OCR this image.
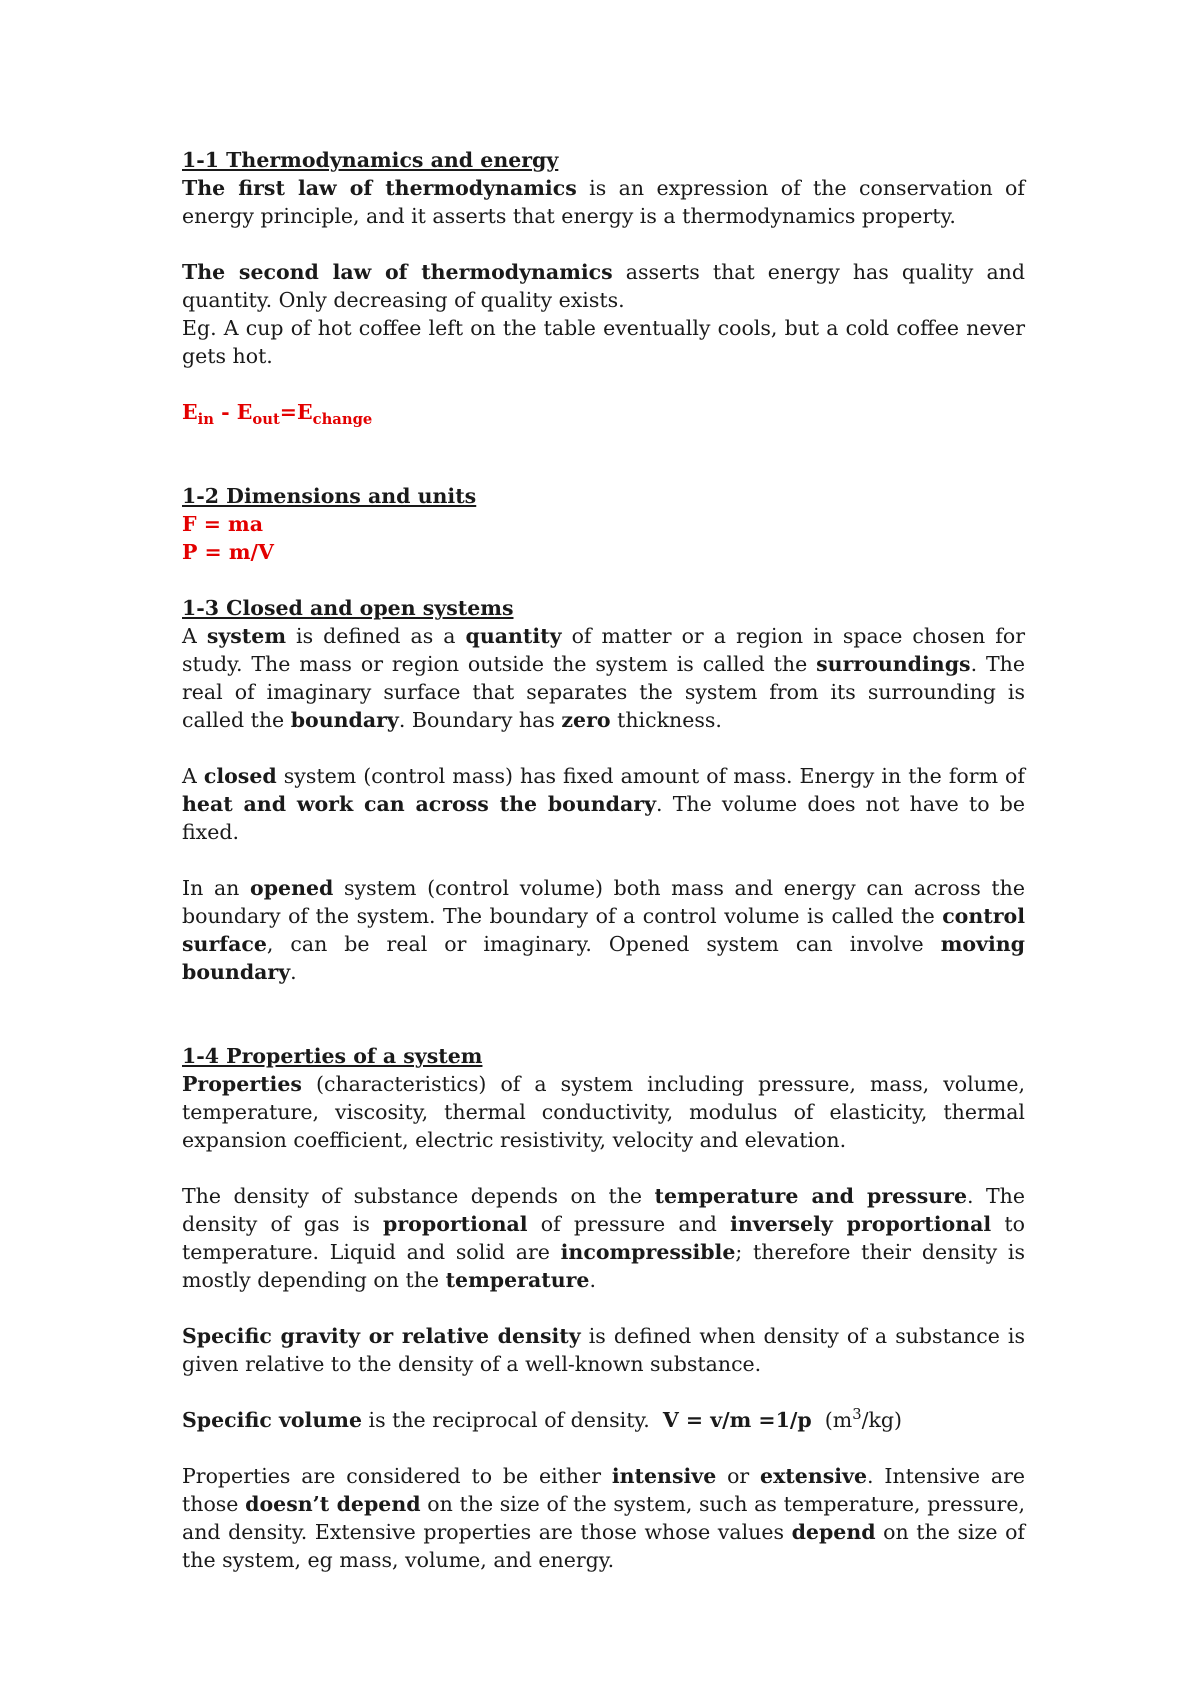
1-1 Thermodynamics and energy

The first law of thermodynamics is an expression of the conservation of energy principle, and it asserts that energy is a thermodynamics property.

The second law of thermodynamics asserts that energy has quality and quantity. Only decreasing of quality exists.

Eg. A cup of hot coffee left on the table eventually cools, but a cold coffee never gets hot.

$E_{in} - E_{out}=E_{change}$

1-2 Dimensions and units

F = ma

P = m/V

1-3 Closed and open systems

A system is defined as a quantity of matter or a region in space chosen for study. The mass or region outside the system is called the surroundings. The real of imaginary surface that separates the system from its surrounding is called the boundary. Boundary has zero thickness.

A closed system (control mass) has fixed amount of mass. Energy in the form of heat and work can across the boundary. The volume does not have to be fixed.

In an opened system (control volume) both mass and energy can across the boundary of the system. The boundary of a control volume is called the control surface, can be real or imaginary. Opened system can involve moving boundary.

1-4 Properties of a system

Properties (characteristics) of a system including pressure, mass, volume, temperature, viscosity, thermal conductivity, modulus of elasticity, thermal expansion coefficient, electric resistivity, velocity and elevation.

The density of substance depends on the temperature and pressure. The density of gas is proportional of pressure and inversely proportional to temperature. Liquid and solid are incompressible; therefore their density is mostly depending on the temperature.

Specific gravity or relative density is defined when density of a substance is given relative to the density of a well-known substance.

Specific volume is the reciprocal of density.  V = v/m =1/p  $(m^3/kg)$

Properties are considered to be either intensive or extensive. Intensive are those doesn’t depend on the size of the system, such as temperature, pressure, and density. Extensive properties are those whose values depend on the size of the system, eg mass, volume, and energy.
